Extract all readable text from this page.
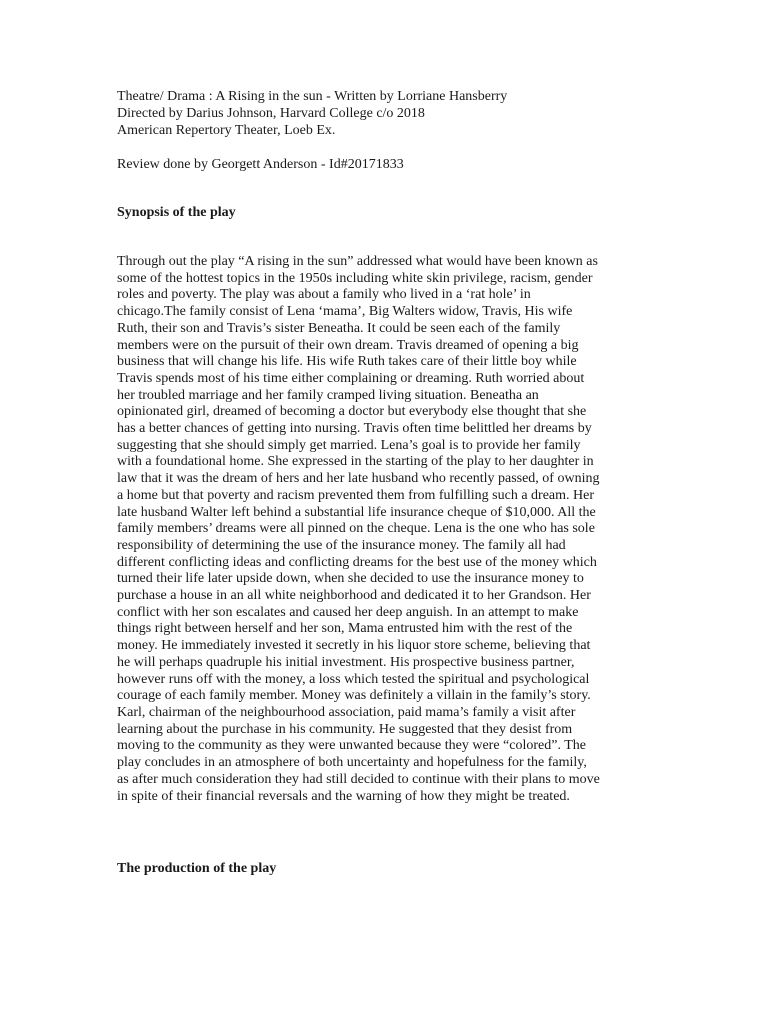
Theatre/ Drama : A Rising in the sun - Written by Lorriane Hansberry

Directed by Darius Johnson, Harvard College c/o 2018

American Repertory Theater, Loeb Ex.

Review done by Georgett Anderson - Id#20171833

Synopsis of the play
Through out the play “A rising in the sun” addressed what would have been known as
some of the hottest topics in the 1950s including white skin privilege, racism, gender
roles and poverty. The play was about a family who lived in a ‘rat hole’ in
chicago.The family consist of Lena ‘mama’, Big Walters widow, Travis, His wife
Ruth, their son and Travis’s sister Beneatha. It could be seen each of the family
members were on the pursuit of their own dream. Travis dreamed of opening a big
business that will change his life. His wife Ruth takes care of their little boy while
Travis spends most of his time either complaining or dreaming. Ruth worried about
her troubled marriage and her family cramped living situation. Beneatha an
opinionated girl, dreamed of becoming a doctor but everybody else thought that she
has a better chances of getting into nursing. Travis often time belittled her dreams by
suggesting that she should simply get married. Lena’s goal is to provide her family
with a foundational home. She expressed in the starting of the play to her daughter in
law that it was the dream of hers and her late husband who recently passed, of owning
a home but that poverty and racism prevented them from fulfilling such a dream. Her
late husband Walter left behind a substantial life insurance cheque of $10,000. All the
family members’ dreams were all pinned on the cheque. Lena is the one who has sole
responsibility of determining the use of the insurance money. The family all had
different conflicting ideas and conflicting dreams for the best use of the money which
turned their life later upside down, when she decided to use the insurance money to
purchase a house in an all white neighborhood and dedicated it to her Grandson. Her
conflict with her son escalates and caused her deep anguish. In an attempt to make
things right between herself and her son, Mama entrusted him with the rest of the
money. He immediately invested it secretly in his liquor store scheme, believing that
he will perhaps quadruple his initial investment. His prospective business partner,
however runs off with the money, a loss which tested the spiritual and psychological
courage of each family member. Money was definitely a villain in the family’s story.
Karl, chairman of the neighbourhood association, paid mama’s family a visit after
learning about the purchase in his community. He suggested that they desist from
moving to the community as they were unwanted because they were “colored”. The
play concludes in an atmosphere of both uncertainty and hopefulness for the family,
as after much consideration they had still decided to continue with their plans to move
in spite of their financial reversals and the warning of how they might be treated.
The production of the play
